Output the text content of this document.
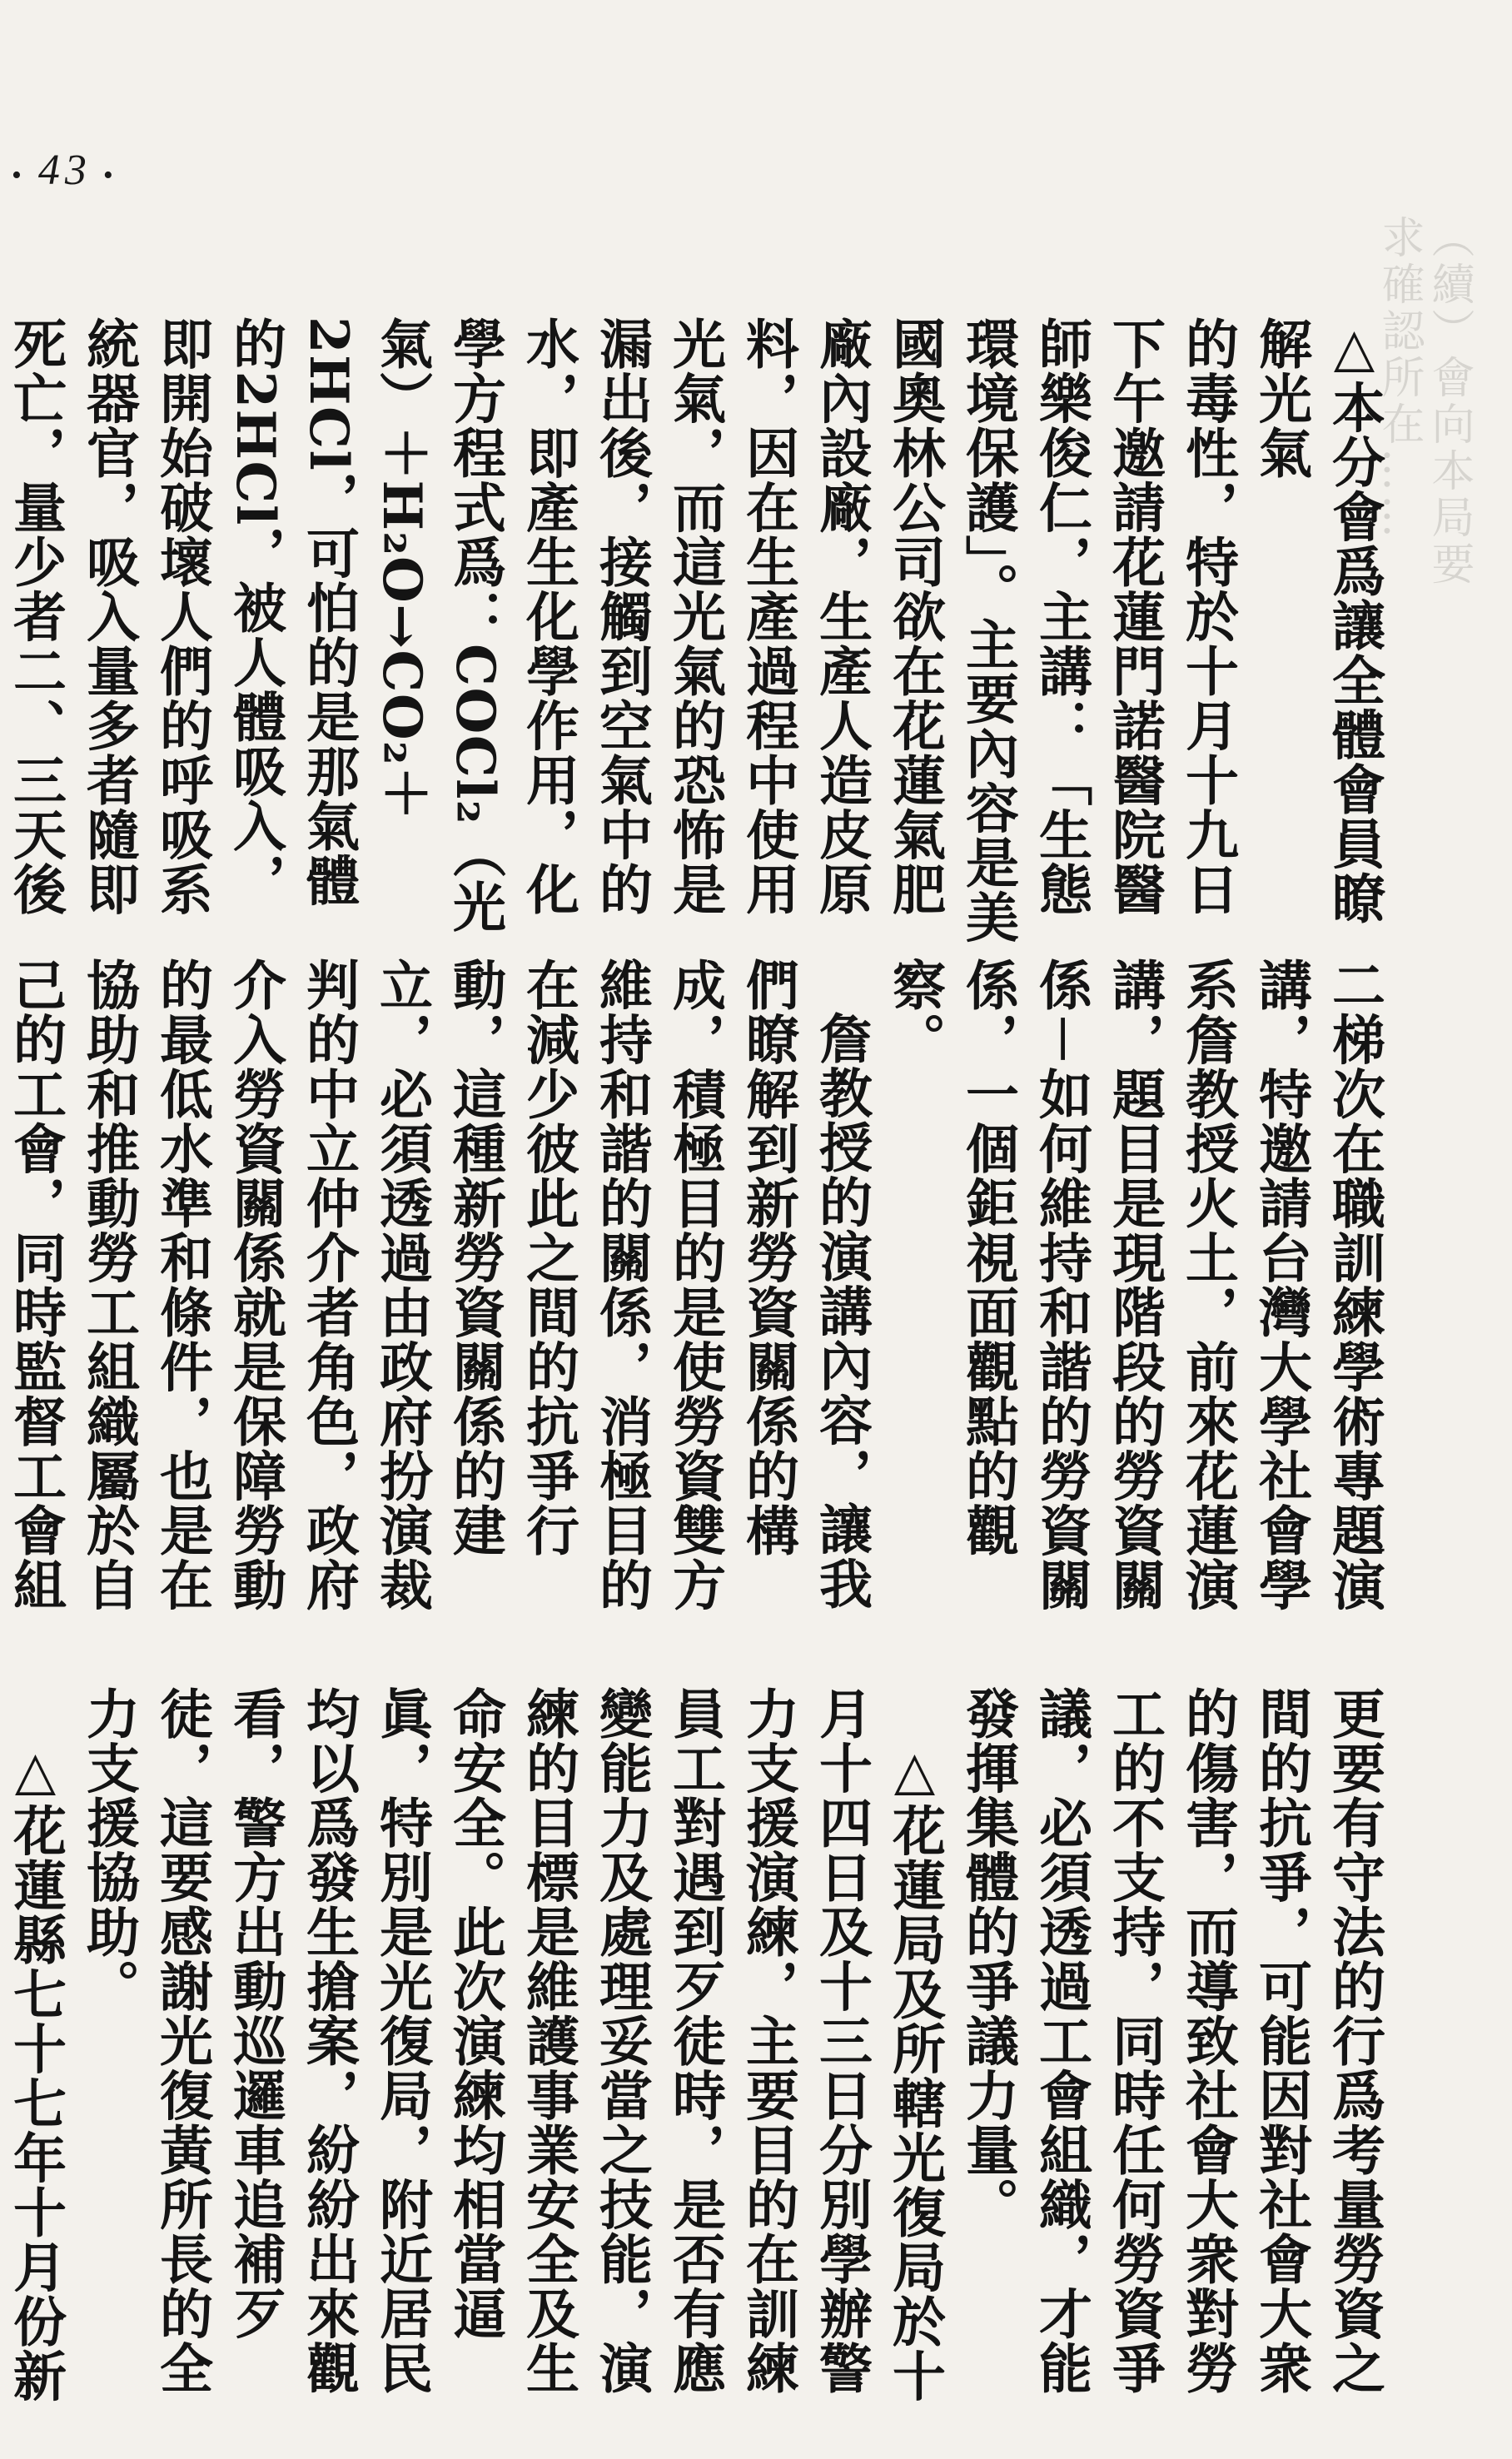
• 43 •
（續）會向本局要求確認所在……

△本分會爲讓全體會員瞭解光氣

的毒性，特於十月十九日下午邀請花蓮門諾醫院醫師樂俊仁，主講：「生態環境保護」。主要內容是美國奧林公司欲在花蓮氣肥廠內設廠，生產人造皮原料，因在生產過程中使用光氣，而這光氣的恐怖是漏出後，接觸到空氣中的水，即產生化學作用，化學方程式爲：COCl₂（光氣）＋H₂O→CO₂＋2HCl，可怕的是那氣體的2HCl，被人體吸入，即開始破壞人們的呼吸系統器官，吸入量多者隨即死亡，量少者二、三天後

二梯次在職訓練學術專題演講，特邀請台灣大學社會學系詹教授火土，前來花蓮演講，題目是現階段的勞資關係－如何維持和諧的勞資關係，一個鉅視面觀點的觀察。

詹教授的演講內容，讓我們瞭解到新勞資關係的構成，積極目的是使勞資雙方維持和諧的關係，消極目的在減少彼此之間的抗爭行動，這種新勞資關係的建立，必須透過由政府扮演裁判的中立仲介者角色，政府介入勞資關係就是保障勞動的最低水準和條件，也是在協助和推動勞工組織屬於自己的工會，同時監督工會組

更要有守法的行爲考量勞資之間的抗爭，可能因對社會大衆的傷害，而導致社會大衆對勞工的不支持，同時任何勞資爭議，必須透過工會組織，才能發揮集體的爭議力量。

△花蓮局及所轄光復局於十月十四日及十三日分別學辦警力支援演練，主要目的在訓練員工對遇到歹徒時，是否有應變能力及處理妥當之技能，演練的目標是維護事業安全及生命安全。此次演練均相當逼眞，特別是光復局，附近居民均以爲發生搶案，紛紛出來觀看，警方出動巡邏車追補歹徒，這要感謝光復黃所長的全力支援協助。

△花蓮縣七十七年十月份新
